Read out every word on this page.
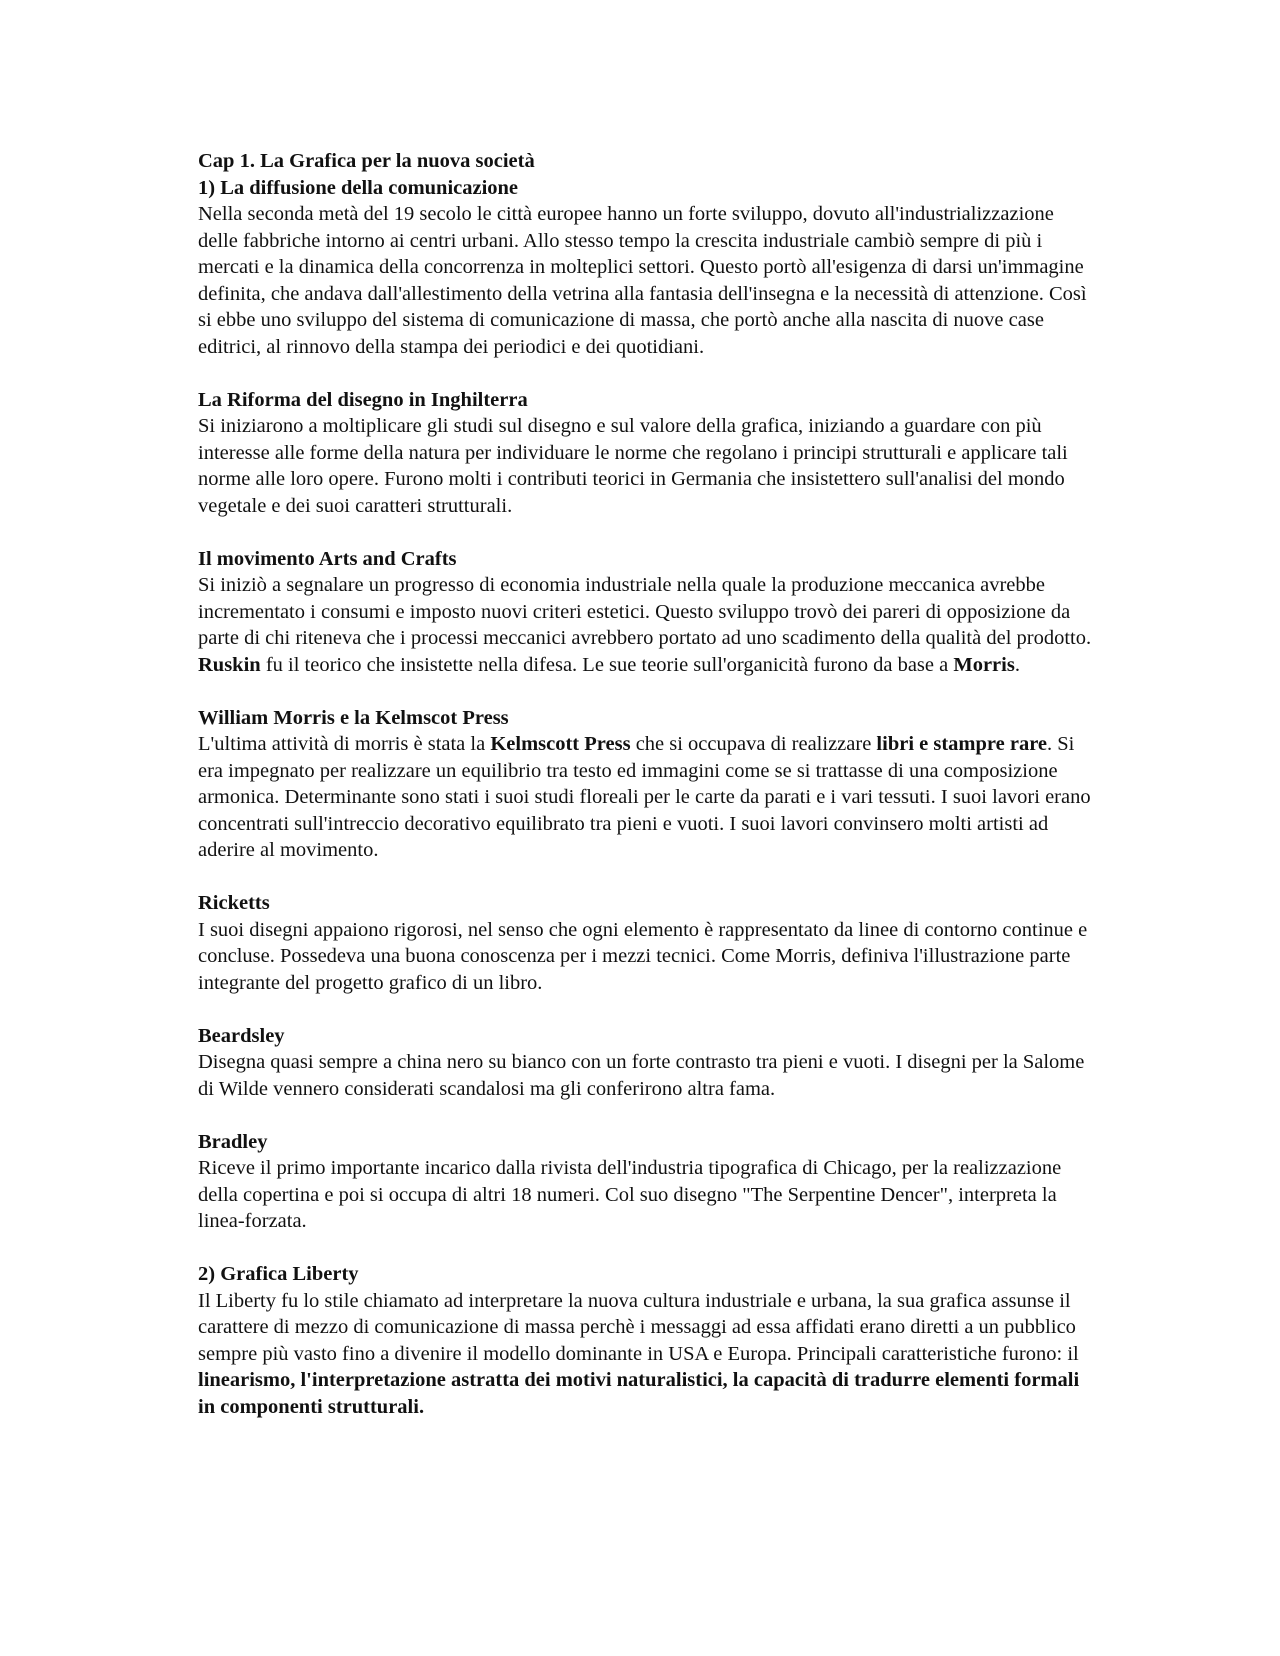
Cap 1. La Grafica per la nuova società
1) La diffusione della comunicazione

Nella seconda metà del 19 secolo le città europee hanno un forte sviluppo, dovuto all'industrializzazione delle fabbriche intorno ai centri urbani. Allo stesso tempo la crescita industriale cambiò sempre di più i mercati e la dinamica della concorrenza in molteplici settori. Questo portò all'esigenza di darsi un'immagine definita, che andava dall'allestimento della vetrina alla fantasia dell'insegna e la necessità di attenzione. Così si ebbe uno sviluppo del sistema di comunicazione di massa, che portò anche alla nascita di nuove case editrici, al rinnovo della stampa dei periodici e dei quotidiani.

La Riforma del disegno in Inghilterra

Si iniziarono a moltiplicare gli studi sul disegno e sul valore della grafica, iniziando a guardare con più interesse alle forme della natura per individuare le norme che regolano i principi strutturali e applicare tali norme alle loro opere. Furono molti i contributi teorici in Germania che insistettero sull'analisi del mondo vegetale e dei suoi caratteri strutturali.

Il movimento Arts and Crafts

Si iniziò a segnalare un progresso di economia industriale nella quale la produzione meccanica avrebbe incrementato i consumi e imposto nuovi criteri estetici. Questo sviluppo trovò dei pareri di opposizione da parte di chi riteneva che i processi meccanici avrebbero portato ad uno scadimento della qualità del prodotto. Ruskin fu il teorico che insistette nella difesa. Le sue teorie sull'organicità furono da base a Morris.

William Morris e la Kelmscot Press

L'ultima attività di morris è stata la Kelmscott Press che si occupava di realizzare libri e stampre rare. Si era impegnato per realizzare un equilibrio tra testo ed immagini come se si trattasse di una composizione armonica. Determinante sono stati i suoi studi floreali per le carte da parati e i vari tessuti. I suoi lavori erano concentrati sull'intreccio decorativo equilibrato tra pieni e vuoti. I suoi lavori convinsero molti artisti ad aderire al movimento.

Ricketts

I suoi disegni appaiono rigorosi, nel senso che ogni elemento è rappresentato da linee di contorno continue e concluse. Possedeva una buona conoscenza per i mezzi tecnici. Come Morris, definiva l'illustrazione parte integrante del progetto grafico di un libro.

Beardsley

Disegna quasi sempre a china nero su bianco con un forte contrasto tra pieni e vuoti. I disegni per la Salome di Wilde vennero considerati scandalosi ma gli conferirono altra fama.

Bradley

Riceve il primo importante incarico dalla rivista dell'industria tipografica di Chicago, per la realizzazione della copertina e poi si occupa di altri 18 numeri. Col suo disegno "The Serpentine Dencer", interpreta la linea-forzata.

2) Grafica Liberty

Il Liberty fu lo stile chiamato ad interpretare la nuova cultura industriale e urbana, la sua grafica assunse il carattere di mezzo di comunicazione di massa perchè i messaggi ad essa affidati erano diretti a un pubblico sempre più vasto fino a divenire il modello dominante in USA e Europa. Principali caratteristiche furono: il linearismo, l'interpretazione astratta dei motivi naturalistici, la capacità di tradurre elementi formali in componenti strutturali.
